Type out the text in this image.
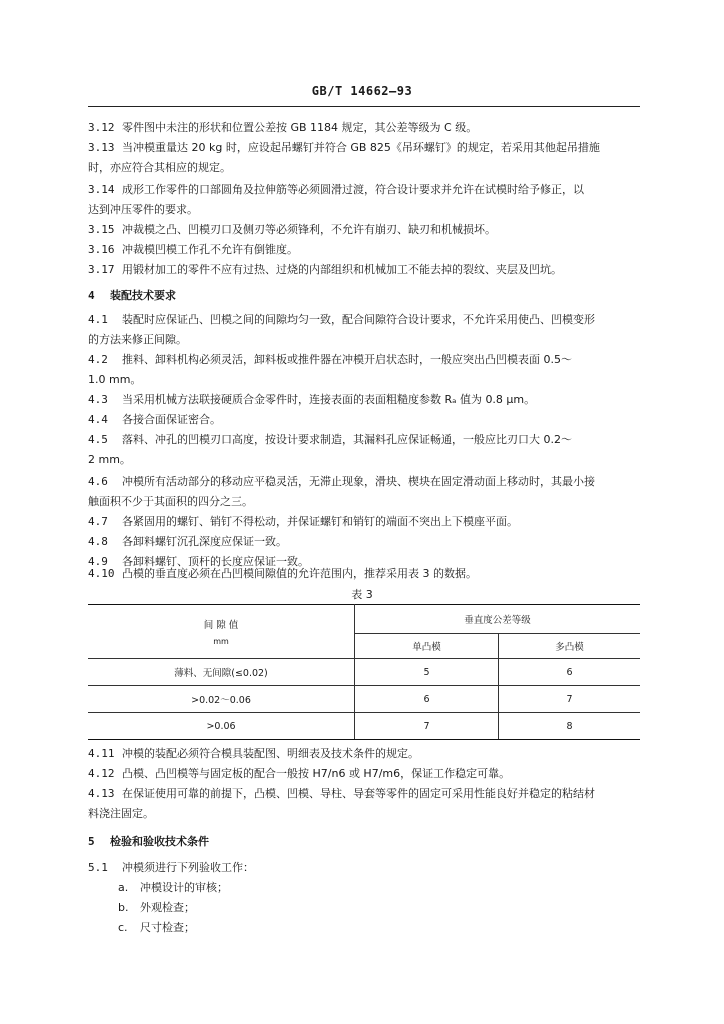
GB/T 14662—93
3.12 零件图中未注的形状和位置公差按 GB 1184 规定，其公差等级为 C 级。
3.13 当冲模重量达 20 kg 时，应设起吊螺钉并符合 GB 825《吊环螺钉》的规定，若采用其他起吊措施
时，亦应符合其相应的规定。
3.14 成形工作零件的口部圆角及拉伸筋等必须圆滑过渡，符合设计要求并允许在试模时给予修正，以
达到冲压零件的要求。
3.15 冲裁模之凸、凹模刃口及侧刃等必须锋利，不允许有崩刃、缺刃和机械损坏。
3.16 冲裁模凹模工作孔不允许有倒锥度。
3.17 用锻材加工的零件不应有过热、过烧的内部组织和机械加工不能去掉的裂纹、夹层及凹坑。
4 装配技术要求
4.1 装配时应保证凸、凹模之间的间隙均匀一致，配合间隙符合设计要求，不允许采用使凸、凹模变形
的方法来修正间隙。
4.2 推料、卸料机构必须灵活，卸料板或推件器在冲模开启状态时，一般应突出凸凹模表面 0.5～
1.0 mm。
4.3 当采用机械方法联接硬质合金零件时，连接表面的表面粗糙度参数 Rₐ 值为 0.8 μm。
4.4 各接合面保证密合。
4.5 落料、冲孔的凹模刃口高度，按设计要求制造，其漏料孔应保证畅通，一般应比刃口大 0.2～
2 mm。
4.6 冲模所有活动部分的移动应平稳灵活，无滞止现象，滑块、楔块在固定滑动面上移动时，其最小接
触面积不少于其面积的四分之三。
4.7 各紧固用的螺钉、销钉不得松动，并保证螺钉和销钉的端面不突出上下模座平面。
4.8 各卸料螺钉沉孔深度应保证一致。
4.9 各卸料螺钉、顶杆的长度应保证一致。
4.10 凸模的垂直度必须在凸凹模间隙值的允许范围内，推荐采用表 3 的数据。
表 3
间 隙 值
mm	垂直度公差等级	
	单凸模	多凸模
薄料、无间隙(≤0.02)	5	6
>0.02～0.06	6	7
>0.06	7	8
4.11 冲模的装配必须符合模具装配图、明细表及技术条件的规定。
4.12 凸模、凸凹模等与固定板的配合一般按 H7/n6 或 H7/m6，保证工作稳定可靠。
4.13 在保证使用可靠的前提下，凸模、凹模、导柱、导套等零件的固定可采用性能良好并稳定的粘结材
料浇注固定。
5 检验和验收技术条件
5.1 冲模须进行下列验收工作：
a. 冲模设计的审核；
b. 外观检查；
c. 尺寸检查；
